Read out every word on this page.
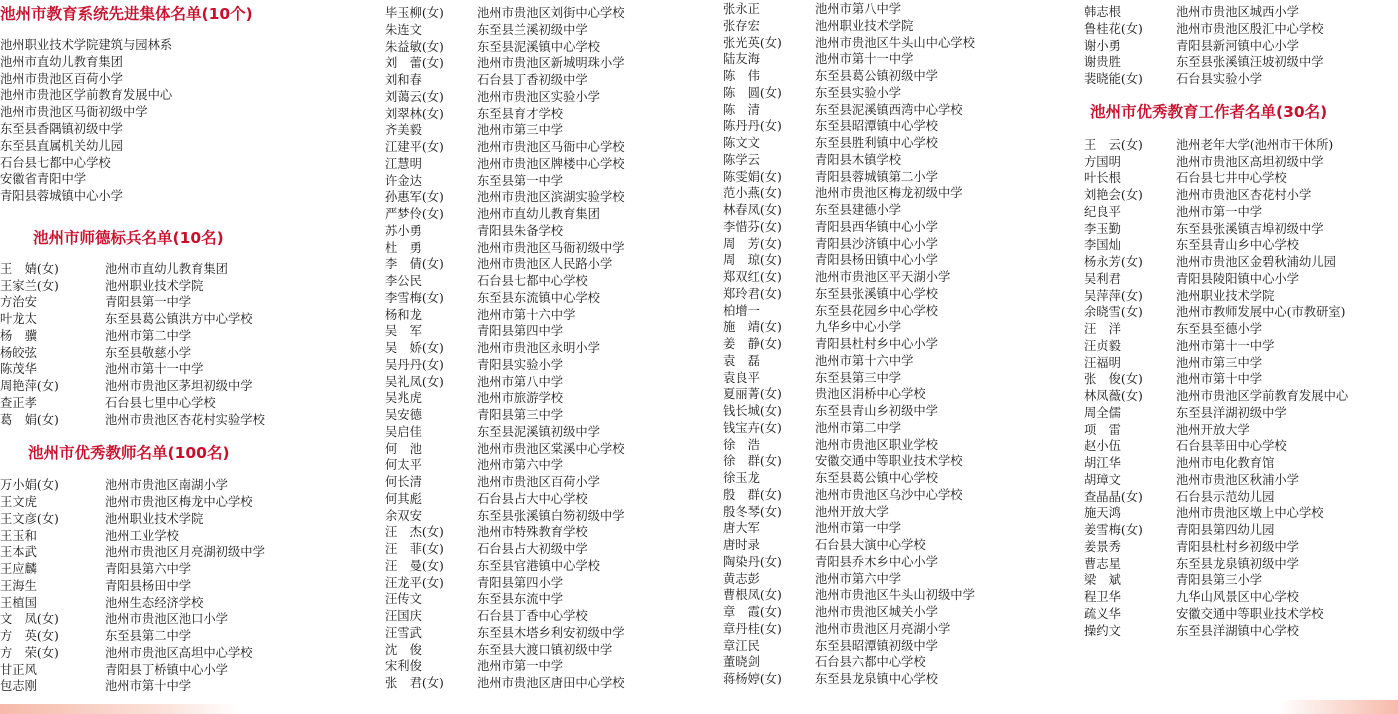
池州市教育系统先进集体名单(10个)
池州职业技术学院建筑与园林系
池州市直幼儿教育集团
池州市贵池区百荷小学
池州市贵池区学前教育发展中心
池州市贵池区马衙初级中学
东至县香隅镇初级中学
东至县直属机关幼儿园
石台县七都中心学校
安徽省青阳中学
青阳县蓉城镇中心小学
池州市师德标兵名单(10名)
王　婧(女)	池州市直幼儿教育集团
王家兰(女)	池州职业技术学院
方治安	青阳县第一中学
叶龙太	东至县葛公镇洪方中心学校
杨　骥	池州市第二中学
杨皎弦	东至县敬慈小学
陈茂华	池州市第十一中学
周艳萍(女)	池州市贵池区茅坦初级中学
查正孝	石台县七里中心学校
葛　娟(女)	池州市贵池区杏花村实验学校
池州市优秀教师名单(100名)
万小娟(女)	池州市贵池区南湖小学
王文虎	池州市贵池区梅龙中心学校
王文彦(女)	池州职业技术学院
王玉和	池州工业学校
王本武	池州市贵池区月亮湖初级中学
王应麟	青阳县第六中学
王海生	青阳县杨田中学
王植国	池州生态经济学校
文　凤(女)	池州市贵池区池口小学
方　英(女)	东至县第二中学
方　荣(女)	池州市贵池区高坦中心学校
甘正风	青阳县丁桥镇中心小学
包志刚	池州市第十中学
毕玉柳(女)	池州市贵池区刘街中心学校
朱连文	东至县兰溪初级中学
朱益敏(女)	东至县泥溪镇中心学校
刘　蕾(女)	池州市贵池区新城明珠小学
刘和春	石台县丁香初级中学
刘蔼云(女)	池州市贵池区实验小学
刘翠林(女)	东至县育才学校
齐美毅	池州市第三中学
江建平(女)	池州市贵池区马衙中心学校
江慧明	池州市贵池区牌楼中心学校
许金达	东至县第一中学
孙惠军(女)	池州市贵池区滨湖实验学校
严梦伶(女)	池州市直幼儿教育集团
苏小勇	青阳县朱备学校
杜　勇	池州市贵池区马衙初级中学
李　倩(女)	池州市贵池区人民路小学
李公民	石台县七都中心学校
李雪梅(女)	东至县东流镇中心学校
杨和龙	池州市第十六中学
吴　军	青阳县第四中学
吴　娇(女)	池州市贵池区永明小学
吴丹丹(女)	青阳县实验小学
吴礼凤(女)	池州市第八中学
吴兆虎	池州市旅游学校
吴安德	青阳县第三中学
吴启佳	东至县泥溪镇初级中学
何　池	池州市贵池区棠溪中心学校
何太平	池州市第六中学
何长清	池州市贵池区百荷小学
何其彪	石台县占大中心学校
余双安	东至县张溪镇白笏初级中学
汪　杰(女)	池州市特殊教育学校
汪　菲(女)	石台县占大初级中学
汪　曼(女)	东至县官港镇中心学校
汪龙平(女)	青阳县第四小学
汪传文	东至县东流中学
汪国庆	石台县丁香中心学校
汪雪武	东至县木塔乡利安初级中学
沈　俊	东至县大渡口镇初级中学
宋利俊	池州市第一中学
张　君(女)	池州市贵池区唐田中心学校
张永正	池州市第八中学
张存宏	池州职业技术学院
张光英(女)	池州市贵池区牛头山中心学校
陆友海	池州市第十一中学
陈　伟	东至县葛公镇初级中学
陈　圆(女)	东至县实验小学
陈　清	东至县泥溪镇西湾中心学校
陈丹丹(女)	东至县昭潭镇中心学校
陈文文	东至县胜利镇中心学校
陈学云	青阳县木镇学校
陈雯娟(女)	青阳县蓉城镇第二小学
范小燕(女)	池州市贵池区梅龙初级中学
林春凤(女)	东至县建德小学
李惜芬(女)	青阳县西华镇中心小学
周　芳(女)	青阳县沙济镇中心小学
周　琼(女)	青阳县杨田镇中心小学
郑双红(女)	池州市贵池区平天湖小学
郑玲君(女)	东至县张溪镇中心学校
柏增一	东至县花园乡中心学校
施　靖(女)	九华乡中心小学
姜　静(女)	青阳县杜村乡中心小学
袁　磊	池州市第十六中学
袁良平	东至县第三中学
夏丽菁(女)	贵池区涓桥中心学校
钱长城(女)	东至县青山乡初级中学
钱宝卉(女)	池州市第二中学
徐　浩	池州市贵池区职业学校
徐　群(女)	安徽交通中等职业技术学校
徐玉龙	东至县葛公镇中心学校
殷　群(女)	池州市贵池区乌沙中心学校
殷冬琴(女)	池州开放大学
唐大军	池州市第一中学
唐时录	石台县大演中心学校
陶染丹(女)	青阳县乔木乡中心小学
黄志彭	池州市第六中学
曹根凤(女)	池州市贵池区牛头山初级中学
章　霞(女)	池州市贵池区城关小学
章丹桂(女)	池州市贵池区月亮湖小学
章江民	东至县昭潭镇初级中学
董晓剑	石台县六都中心学校
蒋杨婷(女)	东至县龙泉镇中心学校
韩志根	池州市贵池区城西小学
鲁桂花(女)	池州市贵池区殷汇中心学校
谢小勇	青阳县新河镇中心小学
谢贵胜	东至县张溪镇汪坡初级中学
裴晓能(女)	石台县实验小学
池州市优秀教育工作者名单(30名)
王　云(女)	池州老年大学(池州市干休所)
方国明	池州市贵池区高坦初级中学
叶长根	石台县七井中心学校
刘艳会(女)	池州市贵池区杏花村小学
纪良平	池州市第一中学
李玉勤	东至县张溪镇吉埠初级中学
李国灿	东至县青山乡中心学校
杨永芳(女)	池州市贵池区金碧秋浦幼儿园
吴利君	青阳县陵阳镇中心小学
吴萍萍(女)	池州职业技术学院
余晓雪(女)	池州市教师发展中心(市教研室)
汪　洋	东至县至德小学
汪贞毅	池州市第十一中学
汪福明	池州市第三中学
张　俊(女)	池州市第十中学
林凤薇(女)	池州市贵池区学前教育发展中心
周全儒	东至县洋湖初级中学
项　雷	池州开放大学
赵小伍	石台县莘田中心学校
胡江华	池州市电化教育馆
胡璋文	池州市贵池区秋浦小学
查晶晶(女)	石台县示范幼儿园
施天鸿	池州市贵池区墩上中心学校
姜雪梅(女)	青阳县第四幼儿园
姜景秀	青阳县杜村乡初级中学
曹志星	东至县龙泉镇初级中学
梁　斌	青阳县第三小学
程卫华	九华山风景区中心学校
疏义华	安徽交通中等职业技术学校
操约文	东至县洋湖镇中心学校
